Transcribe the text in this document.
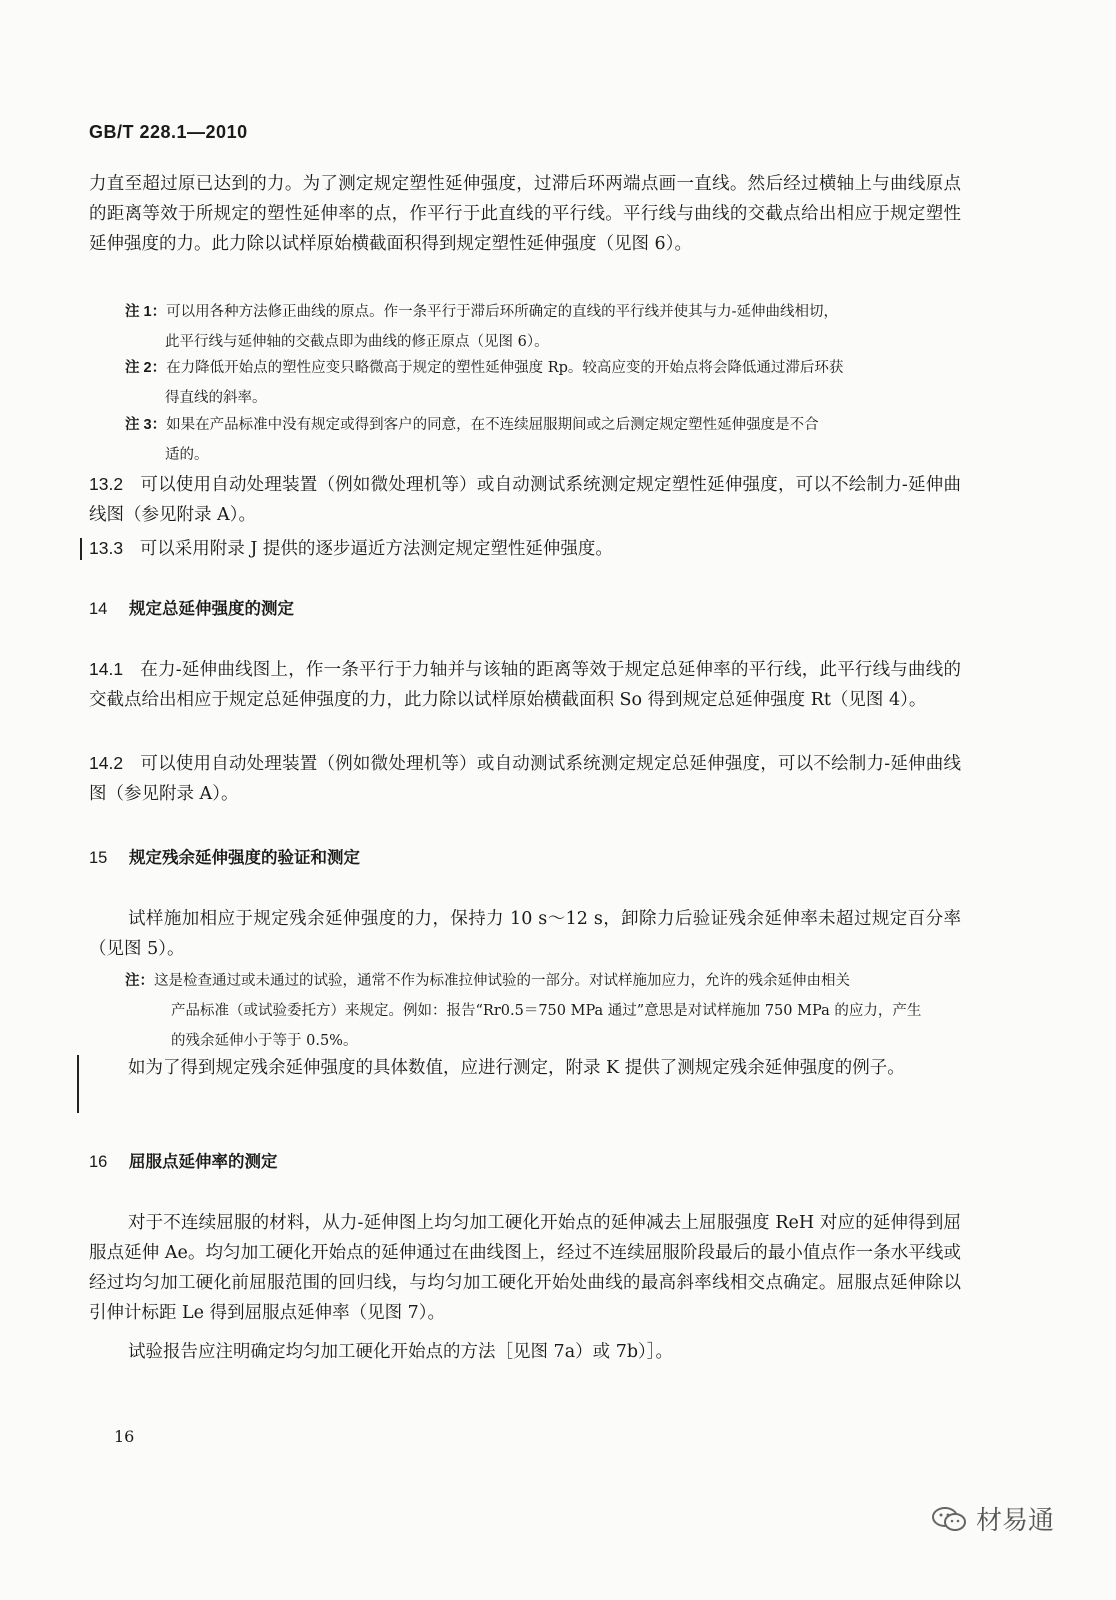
GB/T 228.1—2010
力直至超过原已达到的力。为了测定规定塑性延伸强度，过滞后环两端点画一直线。然后经过横轴上与曲线原点的距离等效于所规定的塑性延伸率的点，作平行于此直线的平行线。平行线与曲线的交截点给出相应于规定塑性延伸强度的力。此力除以试样原始横截面积得到规定塑性延伸强度（见图 6）。
注 1：可以用各种方法修正曲线的原点。作一条平行于滞后环所确定的直线的平行线并使其与力-延伸曲线相切，
此平行线与延伸轴的交截点即为曲线的修正原点（见图 6）。
注 2：在力降低开始点的塑性应变只略微高于规定的塑性延伸强度 Rp。较高应变的开始点将会降低通过滞后环获
得直线的斜率。
注 3：如果在产品标准中没有规定或得到客户的同意，在不连续屈服期间或之后测定规定塑性延伸强度是不合
适的。
13.2 可以使用自动处理装置（例如微处理机等）或自动测试系统测定规定塑性延伸强度，可以不绘制力-延伸曲线图（参见附录 A）。
13.3 可以采用附录 J 提供的逐步逼近方法测定规定塑性延伸强度。
14 规定总延伸强度的测定
14.1 在力-延伸曲线图上，作一条平行于力轴并与该轴的距离等效于规定总延伸率的平行线，此平行线与曲线的交截点给出相应于规定总延伸强度的力，此力除以试样原始横截面积 So 得到规定总延伸强度 Rt（见图 4）。
14.2 可以使用自动处理装置（例如微处理机等）或自动测试系统测定规定总延伸强度，可以不绘制力-延伸曲线图（参见附录 A）。
15 规定残余延伸强度的验证和测定
试样施加相应于规定残余延伸强度的力，保持力 10 s～12 s，卸除力后验证残余延伸率未超过规定百分率（见图 5）。
注：这是检查通过或未通过的试验，通常不作为标准拉伸试验的一部分。对试样施加应力，允许的残余延伸由相关
产品标准（或试验委托方）来规定。例如：报告“Rr0.5＝750 MPa 通过”意思是对试样施加 750 MPa 的应力，产生
的残余延伸小于等于 0.5%。
如为了得到规定残余延伸强度的具体数值，应进行测定，附录 K 提供了测规定残余延伸强度的例子。
16 屈服点延伸率的测定
对于不连续屈服的材料，从力-延伸图上均匀加工硬化开始点的延伸减去上屈服强度 ReH 对应的延伸得到屈服点延伸 Ae。均匀加工硬化开始点的延伸通过在曲线图上，经过不连续屈服阶段最后的最小值点作一条水平线或经过均匀加工硬化前屈服范围的回归线，与均匀加工硬化开始处曲线的最高斜率线相交点确定。屈服点延伸除以引伸计标距 Le 得到屈服点延伸率（见图 7）。
试验报告应注明确定均匀加工硬化开始点的方法［见图 7a）或 7b）］。
16
材易通
